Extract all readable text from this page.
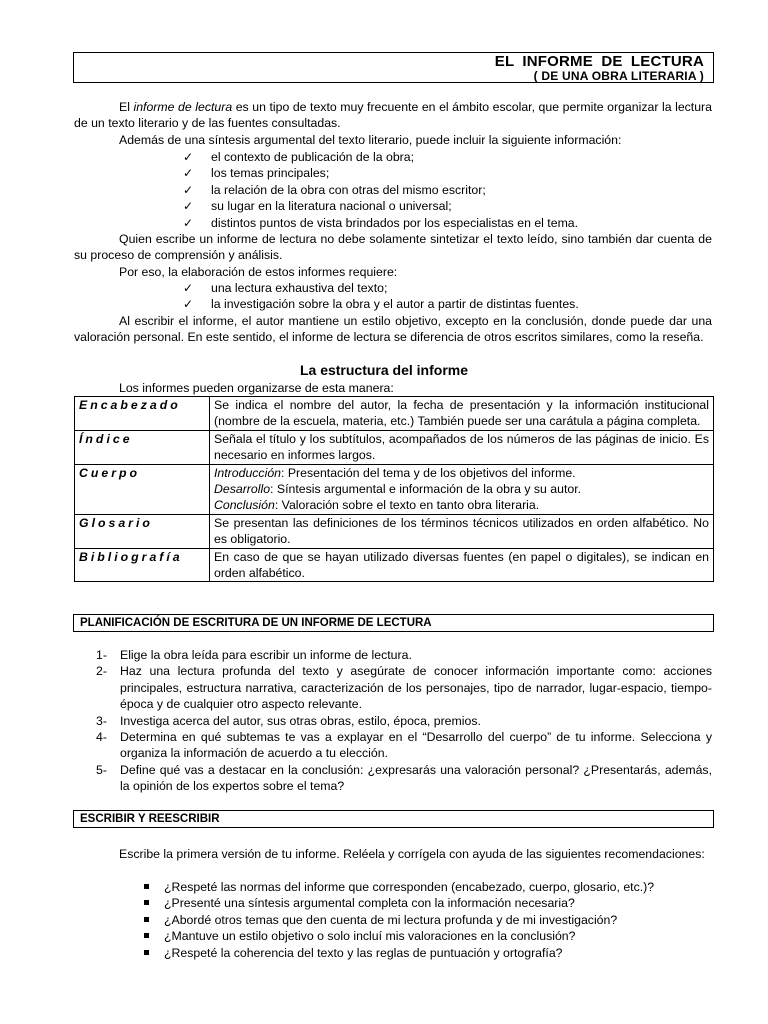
EL INFORME DE LECTURA
( DE UNA OBRA LITERARIA )

El informe de lectura es un tipo de texto muy frecuente en el ámbito escolar, que permite organizar la lectura de un texto literario y de las fuentes consultadas.

Además de una síntesis argumental del texto literario, puede incluir la siguiente información:

✓ el contexto de publicación de la obra;
✓ los temas principales;
✓ la relación de la obra con otras del mismo escritor;
✓ su lugar en la literatura nacional o universal;
✓ distintos puntos de vista brindados por los especialistas en el tema.

Quien escribe un informe de lectura no debe solamente sintetizar el texto leído, sino también dar cuenta de su proceso de comprensión y análisis.

Por eso, la elaboración de estos informes requiere:

✓ una lectura exhaustiva del texto;
✓ la investigación sobre la obra y el autor a partir de distintas fuentes.

Al escribir el informe, el autor mantiene un estilo objetivo, excepto en la conclusión, donde puede dar una valoración personal. En este sentido, el informe de lectura se diferencia de otros escritos similares, como la reseña.

La estructura del informe

Los informes pueden organizarse de esta manera:

Encabezado	Se indica el nombre del autor, la fecha de presentación y la información institucional (nombre de la escuela, materia, etc.) También puede ser una carátula a página completa.
Índice	Señala el título y los subtítulos, acompañados de los números de las páginas de inicio. Es necesario en informes largos.
Cuerpo	Introducción: Presentación del tema y de los objetivos del informe.
Desarrollo: Síntesis argumental e información de la obra y su autor.
Conclusión: Valoración sobre el texto en tanto obra literaria.

Glosario	Se presentan las definiciones de los términos técnicos utilizados en orden alfabético. No es obligatorio.
Bibliografía	En caso de que se hayan utilizado diversas fuentes (en papel o digitales), se indican en orden alfabético.
PLANIFICACIÓN DE ESCRITURA DE UN INFORME DE LECTURA
1- Elige la obra leída para escribir un informe de lectura.
2- Haz una lectura profunda del texto y asegúrate de conocer información importante como: acciones principales, estructura narrativa, caracterización de los personajes, tipo de narrador, lugar-espacio, tiempo-época y de cualquier otro aspecto relevante.
3- Investiga acerca del autor, sus otras obras, estilo, época, premios.
4- Determina en qué subtemas te vas a explayar en el “Desarrollo del cuerpo” de tu informe. Selecciona y organiza la información de acuerdo a tu elección.
5- Define qué vas a destacar en la conclusión: ¿expresarás una valoración personal? ¿Presentarás, además, la opinión de los expertos sobre el tema?
ESCRIBIR Y REESCRIBIR

Escribe la primera versión de tu informe. Reléela y corrígela con ayuda de las siguientes recomendaciones:

¿Respeté las normas del informe que corresponden (encabezado, cuerpo, glosario, etc.)?
¿Presenté una síntesis argumental completa con la información necesaria?
¿Abordé otros temas que den cuenta de mi lectura profunda y de mi investigación?
¿Mantuve un estilo objetivo o solo incluí mis valoraciones en la conclusión?
¿Respeté la coherencia del texto y las reglas de puntuación y ortografía?
